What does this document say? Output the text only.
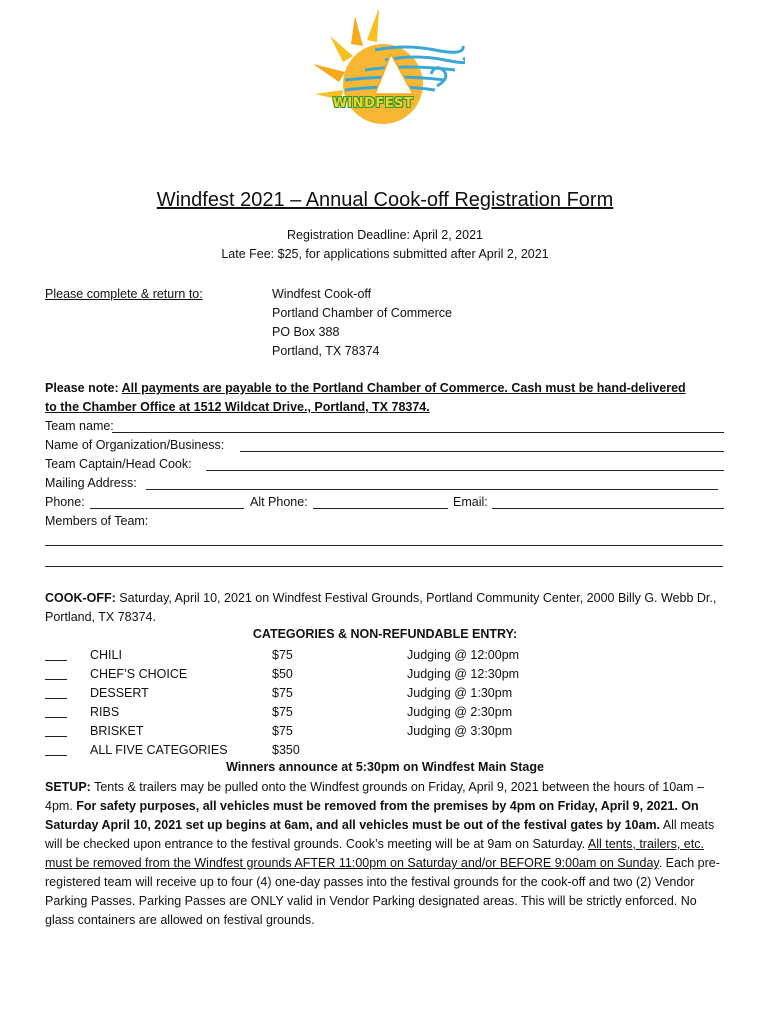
WINDFEST
Windfest 2021 – Annual Cook-off Registration Form
Registration Deadline: April 2, 2021
Late Fee: $25, for applications submitted after April 2, 2021
Please complete & return to:	Windfest Cook-off
Portland Chamber of Commerce
PO Box 388
Portland, TX 78374
Please note: All payments are payable to the Portland Chamber of Commerce. Cash must be hand-delivered
to the Chamber Office at 1512 Wildcat Drive., Portland, TX 78374.
Team name:
Name of Organization/Business:
Team Captain/Head Cook:
Mailing Address:
Phone:	Alt Phone:	Email:
Members of Team:
COOK-OFF: Saturday, April 10, 2021 on Windfest Festival Grounds, Portland Community Center, 2000 Billy G. Webb Dr., Portland, TX 78374.
CATEGORIES & NON-REFUNDABLE ENTRY:
CHILI	$75	Judging @ 12:00pm
CHEF’S CHOICE	$50	Judging @ 12:30pm
DESSERT	$75	Judging @ 1:30pm
RIBS	$75	Judging @ 2:30pm
BRISKET	$75	Judging @ 3:30pm
ALL FIVE CATEGORIES	$350
Winners announce at 5:30pm on Windfest Main Stage
SETUP: Tents & trailers may be pulled onto the Windfest grounds on Friday, April 9, 2021 between the hours of 10am – 4pm. For safety purposes, all vehicles must be removed from the premises by 4pm on Friday, April 9, 2021. On Saturday April 10, 2021 set up begins at 6am, and all vehicles must be out of the festival gates by 10am. All meats will be checked upon entrance to the festival grounds. Cook’s meeting will be at 9am on Saturday. All tents, trailers, etc. must be removed from the Windfest grounds AFTER 11:00pm on Saturday and/or BEFORE 9:00am on Sunday. Each pre-registered team will receive up to four (4) one-day passes into the festival grounds for the cook-off and two (2) Vendor Parking Passes. Parking Passes are ONLY valid in Vendor Parking designated areas. This will be strictly enforced. No glass containers are allowed on festival grounds.
